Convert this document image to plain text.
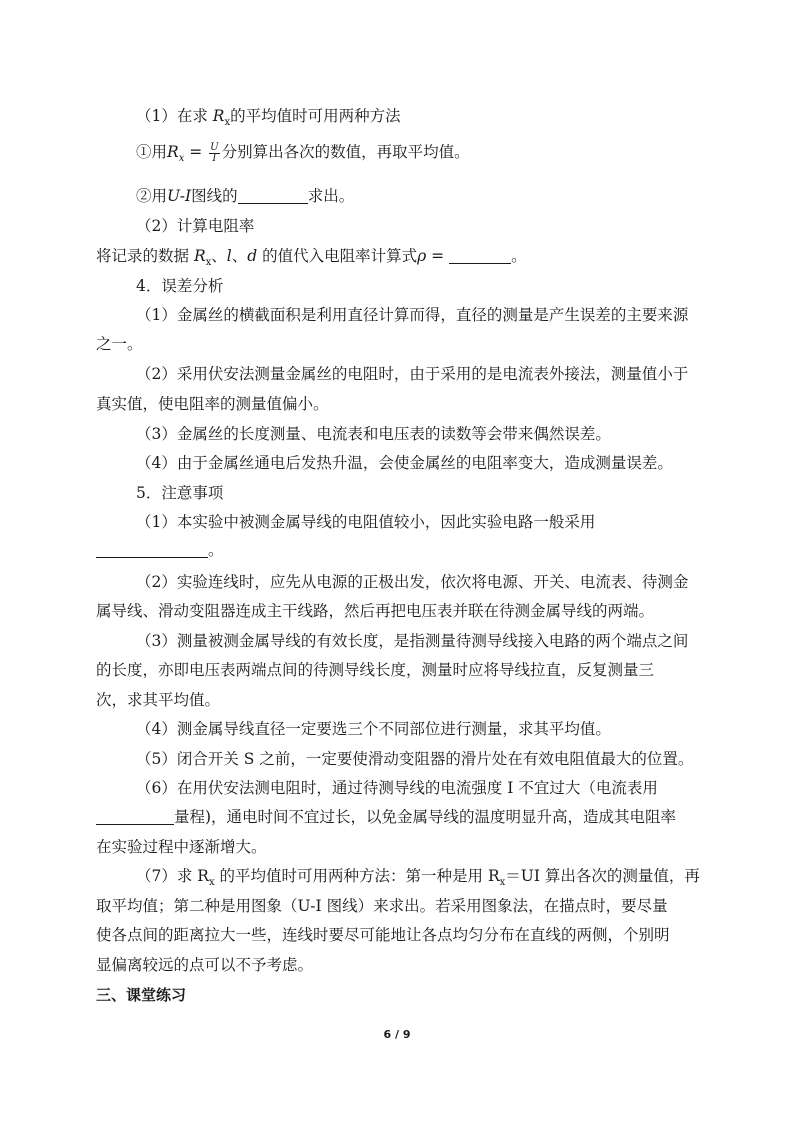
（1）在求 $R_x$的平均值时可用两种方法
①用$R_x = \frac{U}{I}$ 分别算出各次的数值，再取平均值。
②用U-I图线的	求出。
（2）计算电阻率
将记录的数据 $R_x$、l、d 的值代入电阻率计算式ρ =	。
4．误差分析
（1）金属丝的横截面积是利用直径计算而得，直径的测量是产生误差的主要来源
之一。
（2）采用伏安法测量金属丝的电阻时，由于采用的是电流表外接法，测量值小于
真实值，使电阻率的测量值偏小。
（3）金属丝的长度测量、电流表和电压表的读数等会带来偶然误差。
（4）由于金属丝通电后发热升温，会使金属丝的电阻率变大，造成测量误差。
5．注意事项
（1）本实验中被测金属导线的电阻值较小，因此实验电路一般采用
。
（2）实验连线时，应先从电源的正极出发，依次将电源、开关、电流表、待测金
属导线、滑动变阻器连成主干线路，然后再把电压表并联在待测金属导线的两端。
（3）测量被测金属导线的有效长度，是指测量待测导线接入电路的两个端点之间
的长度，亦即电压表两端点间的待测导线长度，测量时应将导线拉直，反复测量三
次，求其平均值。
（4）测金属导线直径一定要选三个不同部位进行测量，求其平均值。
（5）闭合开关 S 之前，一定要使滑动变阻器的滑片处在有效电阻值最大的位置。
（6）在用伏安法测电阻时，通过待测导线的电流强度 I 不宜过大（电流表用
量程)，通电时间不宜过长，以免金属导线的温度明显升高，造成其电阻率
在实验过程中逐渐增大。
（7）求 $R_x$ 的平均值时可用两种方法：第一种是用 $R_x=UI$ 算出各次的测量值，再
取平均值；第二种是用图象（U-I 图线）来求出。若采用图象法，在描点时，要尽量
使各点间的距离拉大一些，连线时要尽可能地让各点均匀分布在直线的两侧，个别明
显偏离较远的点可以不予考虑。
三、课堂练习
6 / 9
